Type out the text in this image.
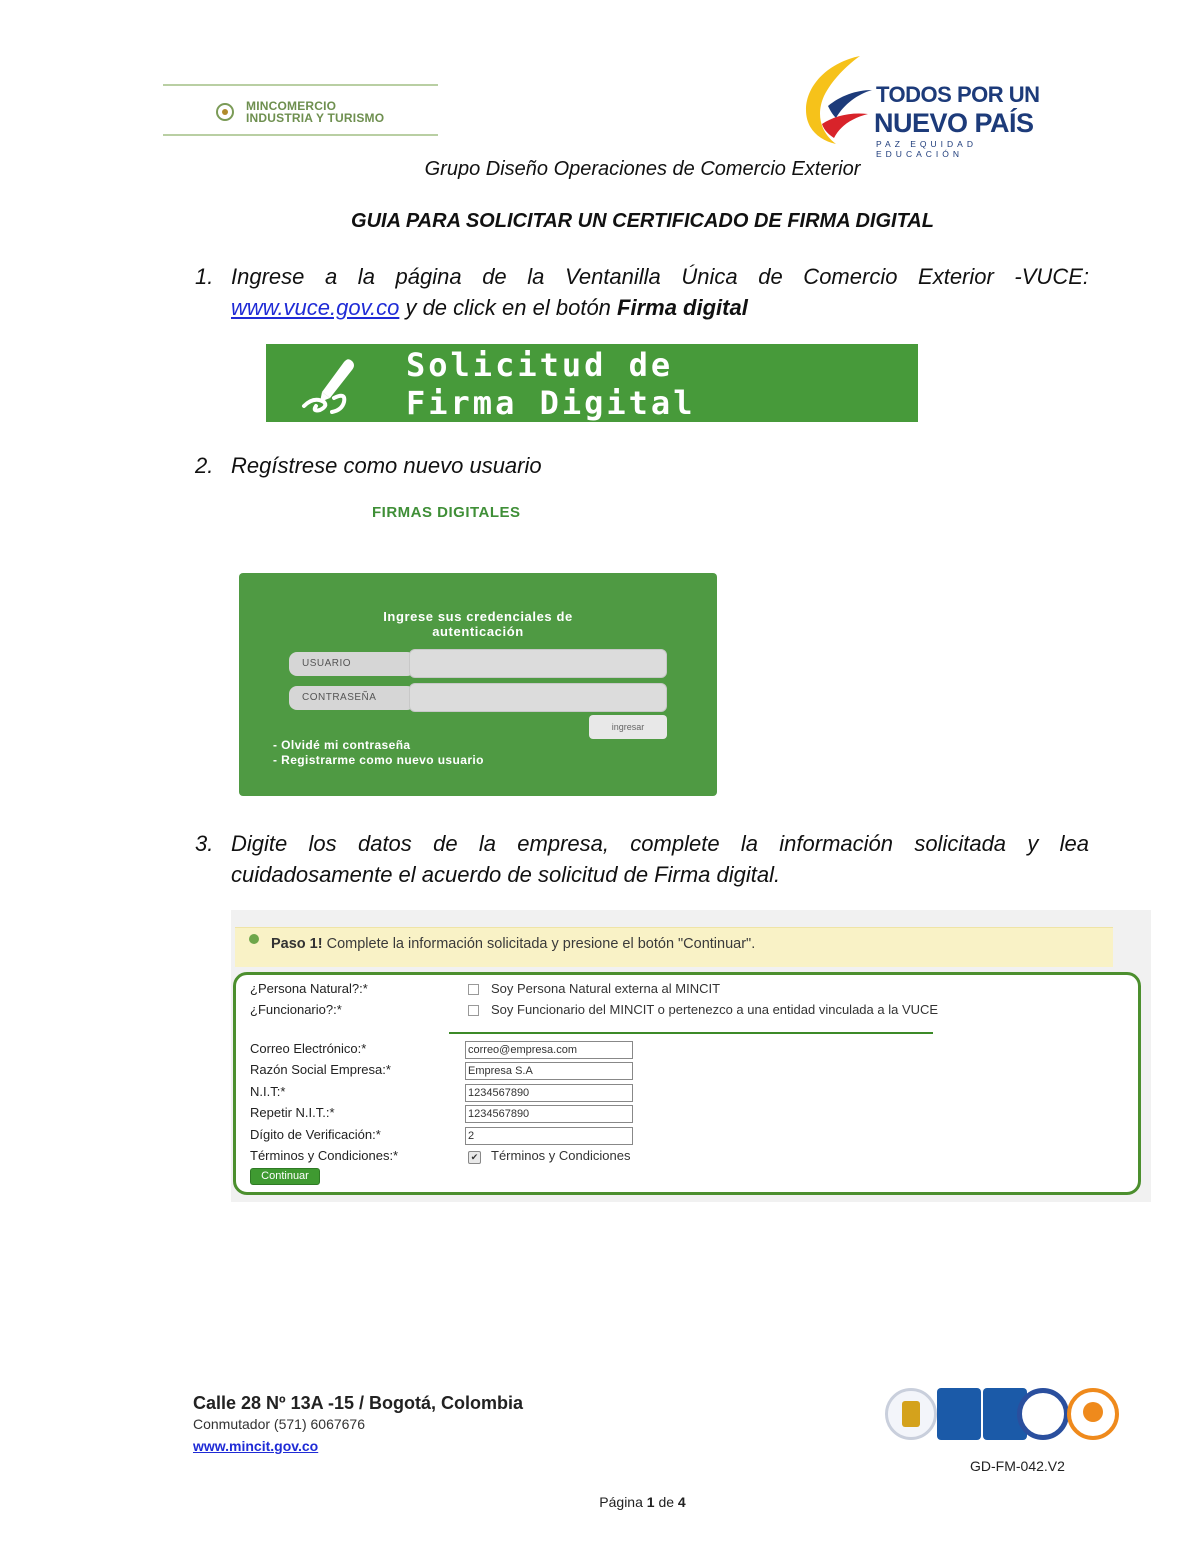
MINCOMERCIO
INDUSTRIA Y TURISMO
TODOS POR UN
NUEVO PAÍS
PAZ EQUIDAD EDUCACIÓN
Grupo Diseño Operaciones de Comercio Exterior
GUIA PARA SOLICITAR UN CERTIFICADO DE FIRMA DIGITAL
1. Ingrese a la página de la Ventanilla Única de Comercio Exterior -VUCE: www.vuce.gov.co y de click en el botón Firma digital
Solicitud de
Firma Digital
2. Regístrese como nuevo usuario
FIRMAS DIGITALES
Ingrese sus credenciales de
autenticación
USUARIO
CONTRASEÑA
ingresar
- Olvidé mi contraseña
- Registrarme como nuevo usuario
3. Digite los datos de la empresa, complete la información solicitada y lea cuidadosamente el acuerdo de solicitud de Firma digital.
Paso 1! Complete la información solicitada y presione el botón "Continuar".
¿Persona Natural?:*	Soy Persona Natural externa al MINCIT
¿Funcionario?:*	Soy Funcionario del MINCIT o pertenezco a una entidad vinculada a la VUCE
Correo Electrónico:*	correo@empresa.com
Razón Social Empresa:*	Empresa S.A
N.I.T:*	1234567890
Repetir N.I.T.:*	1234567890
Dígito de Verificación:*	2
Términos y Condiciones:*	✔ Términos y Condiciones
Continuar
Calle 28 Nº 13A -15 / Bogotá, Colombia
Conmutador (571) 6067676
www.mincit.gov.co
GD-FM-042.V2
Página 1 de 4
